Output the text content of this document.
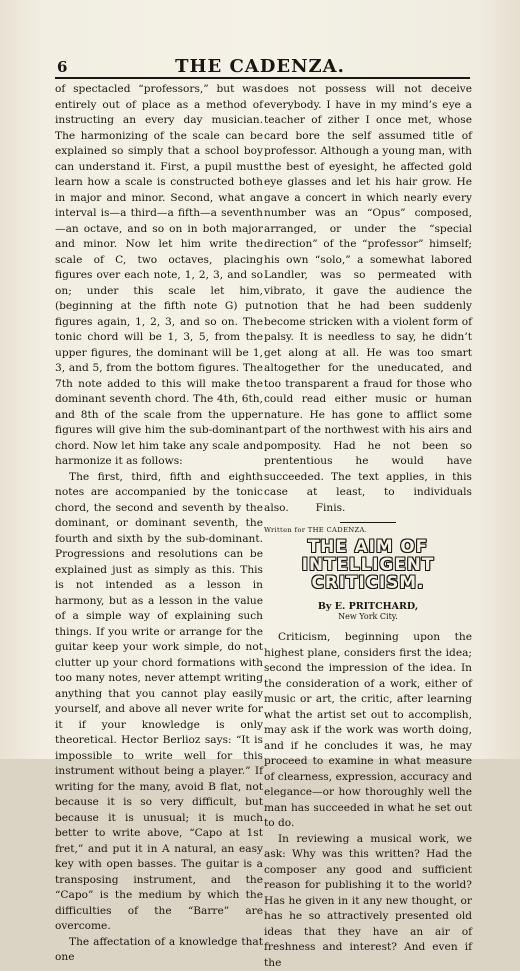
6	THE CADENZA.

of spectacled “professors,” but was entirely out of place as a method of instructing an every day musician. The harmonizing of the scale can be explained so simply that a school boy can understand it. First, a pupil must learn how a scale is constructed both in major and minor. Second, what an interval is—a third—a fifth—a seventh—an octave, and so on in both major and minor. Now let him write the scale of C, two octaves, placing figures over each note, 1, 2, 3, and so on; under this scale let him, (beginning at the fifth note G) put figures again, 1, 2, 3, and so on. The tonic chord will be 1, 3, 5, from the upper figures, the dominant will be 1, 3, and 5, from the bottom figures. The 7th note added to this will make the dominant seventh chord. The 4th, 6th, and 8th of the scale from the upper figures will give him the sub-dominant chord. Now let him take any scale and harmonize it as follows:

The first, third, fifth and eighth notes are accompanied by the tonic chord, the second and seventh by the dominant, or dominant seventh, the fourth and sixth by the sub-dominant. Progressions and resolutions can be explained just as simply as this. This is not intended as a lesson in harmony, but as a lesson in the value of a simple way of explaining such things. If you write or arrange for the guitar keep your work simple, do not clutter up your chord formations with too many notes, never attempt writing anything that you cannot play easily yourself, and above all never write for it if your knowledge is only theoretical. Hector Berlioz says: “It is impossible to write well for this instrument without being a player.” If writing for the many, avoid B flat, not because it is so very difficult, but because it is unusual; it is much better to write above, “Capo at 1st fret,” and put it in A natural, an easy key with open basses. The guitar is a transposing instrument, and the “Capo” is the medium by which the difficulties of the “Barre” are overcome.

The affectation of a knowledge that one

does not possess will not deceive everybody. I have in my mind’s eye a teacher of zither I once met, whose card bore the self assumed title of professor. Although a young man, with the best of eyesight, he affected gold eye glasses and let his hair grow. He gave a concert in which nearly every number was an “Opus” composed, arranged, or under the “special direction” of the “professor” himself; his own “solo,” a somewhat labored Landler, was so permeated with vibrato, it gave the audience the notion that he had been suddenly become stricken with a violent form of palsy. It is needless to say, he didn’t get along at all. He was too smart altogether for the uneducated, and too transparent a fraud for those who could read either music or human nature. He has gone to afflict some part of the northwest with his airs and pomposity. Had he not been so prententious he would have succeeded. The text applies, in this case at least, to individuals also.	Finis.

Written for THE CADENZA.
THE AIM OF INTELLIGENT CRITICISM.
By E. PRITCHARD,
New York City.

Criticism, beginning upon the highest plane, considers first the idea; second the impression of the idea. In the consideration of a work, either of music or art, the critic, after learning what the artist set out to accomplish, may ask if the work was worth doing, and if he concludes it was, he may proceed to examine in what measure of clearness, expression, accuracy and elegance—or how thoroughly well the man has succeeded in what he set out to do.

In reviewing a musical work, we ask: Why was this written? Had the composer any good and sufficient reason for publishing it to the world? Has he given in it any new thought, or has he so attractively presented old ideas that they have an air of freshness and interest? And even if the
